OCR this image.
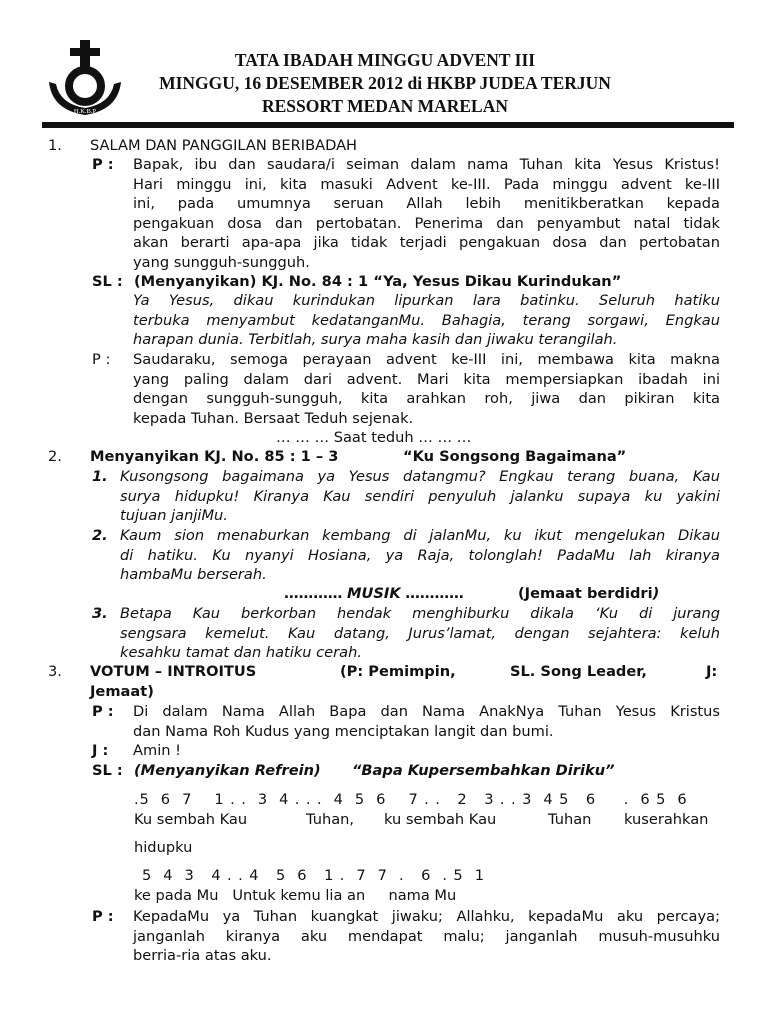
H.K.B.P
TATA IBADAH MINGGU ADVENT III
MINGGU, 16 DESEMBER 2012 di HKBP JUDEA TERJUN
RESSORT MEDAN MARELAN
1. SALAM DAN PANGGILAN BERIBADAH
P : Bapak, ibu dan saudara/i seiman dalam nama Tuhan kita Yesus Kristus!
Hari minggu ini, kita masuki Advent ke-III. Pada minggu advent ke-III
ini, pada umumnya seruan Allah lebih menitikberatkan kepada
pengakuan dosa dan pertobatan. Penerima dan penyambut natal tidak
akan berarti apa-apa jika tidak terjadi pengakuan dosa dan pertobatan
yang sungguh-sungguh.
SL : (Menyanyikan) KJ. No. 84 : 1 “Ya, Yesus Dikau Kurindukan”
Ya Yesus, dikau kurindukan lipurkan lara batinku. Seluruh hatiku
terbuka menyambut kedatanganMu. Bahagia, terang sorgawi, Engkau
harapan dunia. Terbitlah, surya maha kasih dan jiwaku terangilah.
P : Saudaraku, semoga perayaan advent ke-III ini, membawa kita makna
yang paling dalam dari advent. Mari kita mempersiapkan ibadah ini
dengan sungguh-sungguh, kita arahkan roh, jiwa dan pikiran kita
kepada Tuhan. Bersaat Teduh sejenak.
… … … Saat teduh … … …
2. Menyanyikan KJ. No. 85 : 1 – 3	“Ku Songsong Bagaimana”
1. Kusongsong bagaimana ya Yesus datangmu? Engkau terang buana, Kau
surya hidupku! Kiranya Kau sendiri penyuluh jalanku supaya ku yakini
tujuan janjiMu.
2. Kaum sion menaburkan kembang di jalanMu, ku ikut mengelukan Dikau
di hatiku. Ku nyanyi Hosiana, ya Raja, tolonglah! PadaMu lah kiranya
hambaMu berserah.
………… MUSIK …………	(Jemaat berdidri)
3. Betapa Kau berkorban hendak menghiburku dikala ‘Ku di jurang
sengsara kemelut. Kau datang, Jurus’lamat, dengan sejahtera: keluh
kesahku tamat dan hatiku cerah.
3. VOTUM – INTROITUS	(P: Pemimpin,	SL. Song Leader,	J:
Jemaat)
P : Di dalam Nama Allah Bapa dan Nama AnakNya Tuhan Yesus Kristus
dan Nama Roh Kudus yang menciptakan langit dan bumi.
J : Amin !
SL : (Menyanyikan Refrein) “Bapa Kupersembahkan Diriku”
.5  6  7    1 . .  3  4 . . .  4  5  6    7 . .   2   3 . . 3  4 5   6     .  6 5  6
Ku sembah Kau	Tuhan, ku sembah Kau	Tuhan kuserahkan
hidupku
5  4  3   4 . . 4   5  6   1 .  7  7  .   6  . 5  1
ke pada Mu   Untuk kemu lia an     nama Mu
P : KepadaMu ya Tuhan kuangkat jiwaku; Allahku, kepadaMu aku percaya;
janganlah kiranya aku mendapat malu; janganlah musuh-musuhku
berria-ria atas aku.
